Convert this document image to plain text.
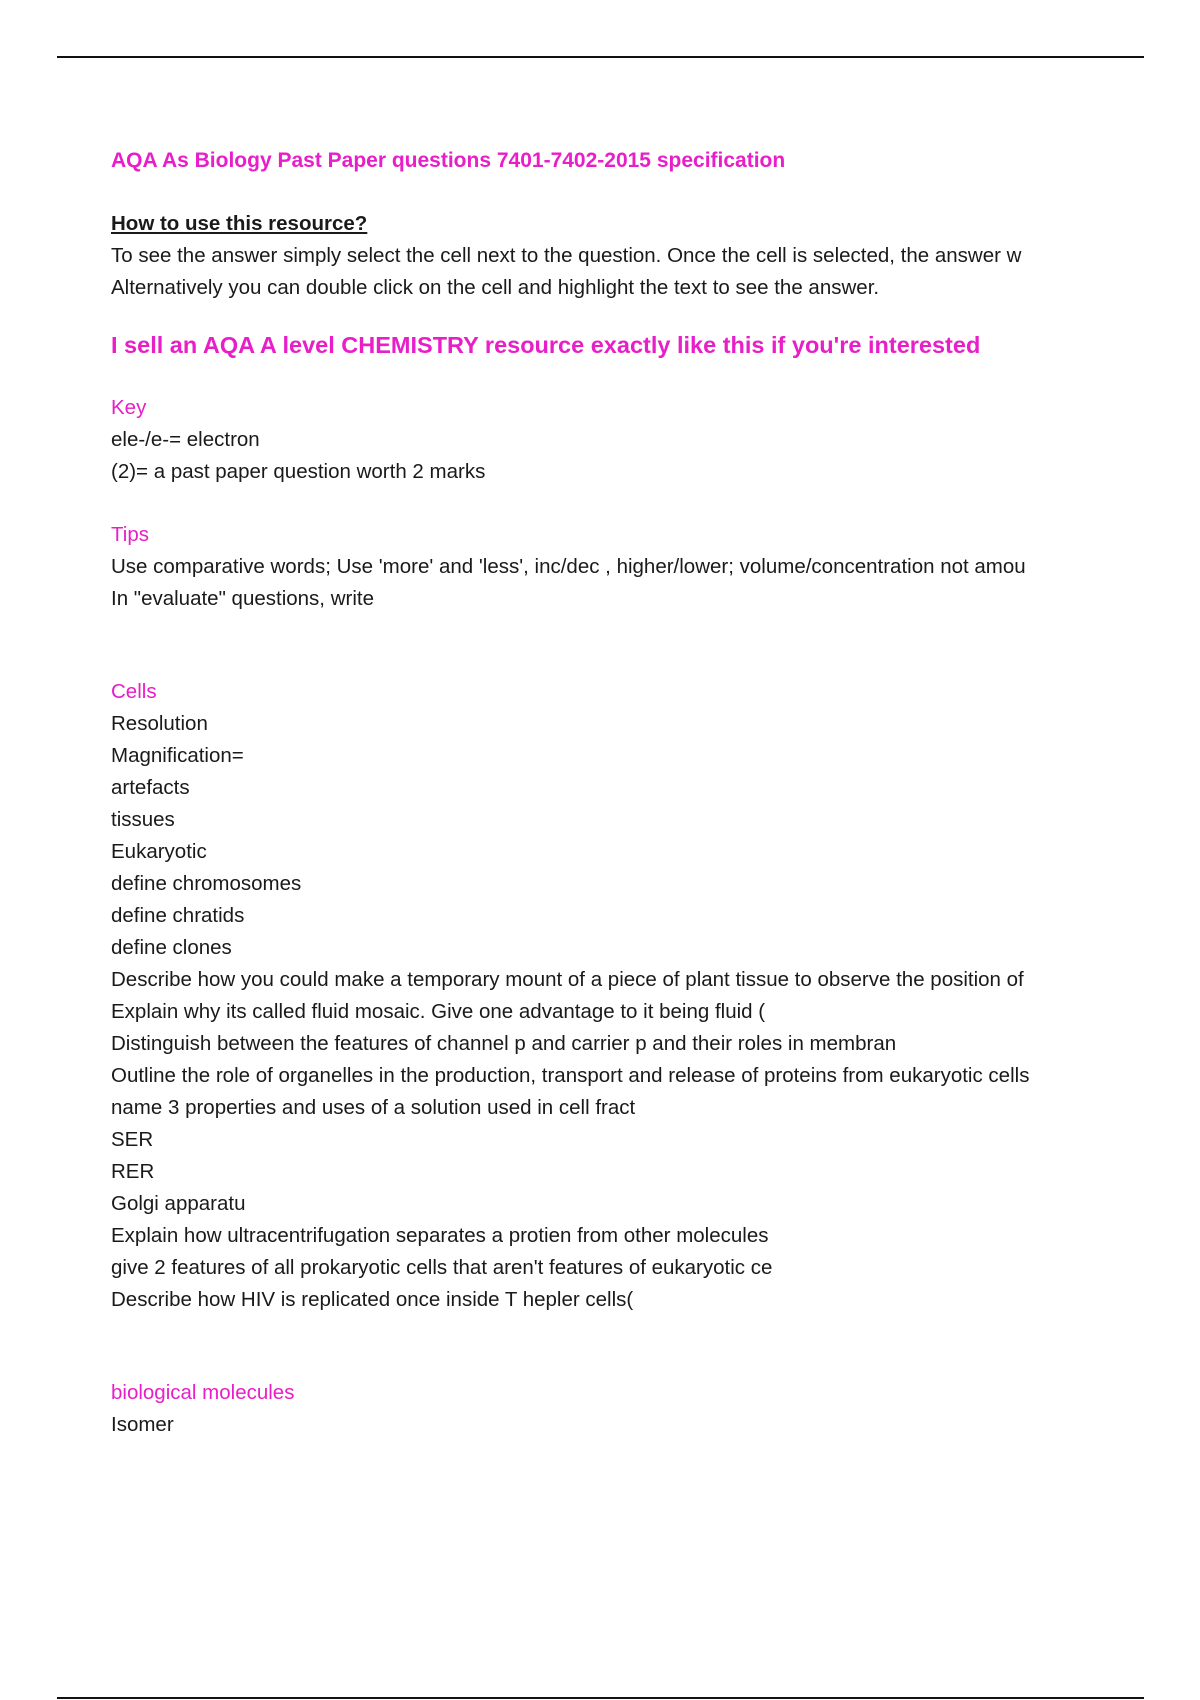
AQA As Biology Past Paper questions 7401-7402-2015 specification
How to use this resource?
To see the answer simply select the cell next to the question. Once the cell is selected, the answer w
Alternatively you can double click on the cell and highlight the text to see the answer.
I sell an AQA A level CHEMISTRY resource exactly like this if you're interested
Key
ele-/e-= electron
(2)= a past paper question worth 2 marks
Tips
Use comparative words; Use 'more' and 'less', inc/dec , higher/lower; volume/concentration not amou
In "evaluate" questions, write
Cells
Resolution
Magnification=
artefacts
tissues
Eukaryotic
define chromosomes
define chratids
define clones
Describe how you could make a temporary mount of a piece of plant tissue to observe the position of
Explain why its called fluid mosaic. Give one advantage to it being fluid (
Distinguish between the features of channel p and carrier p and their roles in membran
Outline the role of organelles in the production, transport and release of proteins from eukaryotic cells
name 3 properties and uses of a solution used in cell fract
SER
RER
Golgi apparatu
Explain how ultracentrifugation separates a protien from other molecules
give 2 features of all prokaryotic cells that aren't features of eukaryotic ce
Describe how HIV is replicated once inside T hepler cells(
biological molecules
Isomer
